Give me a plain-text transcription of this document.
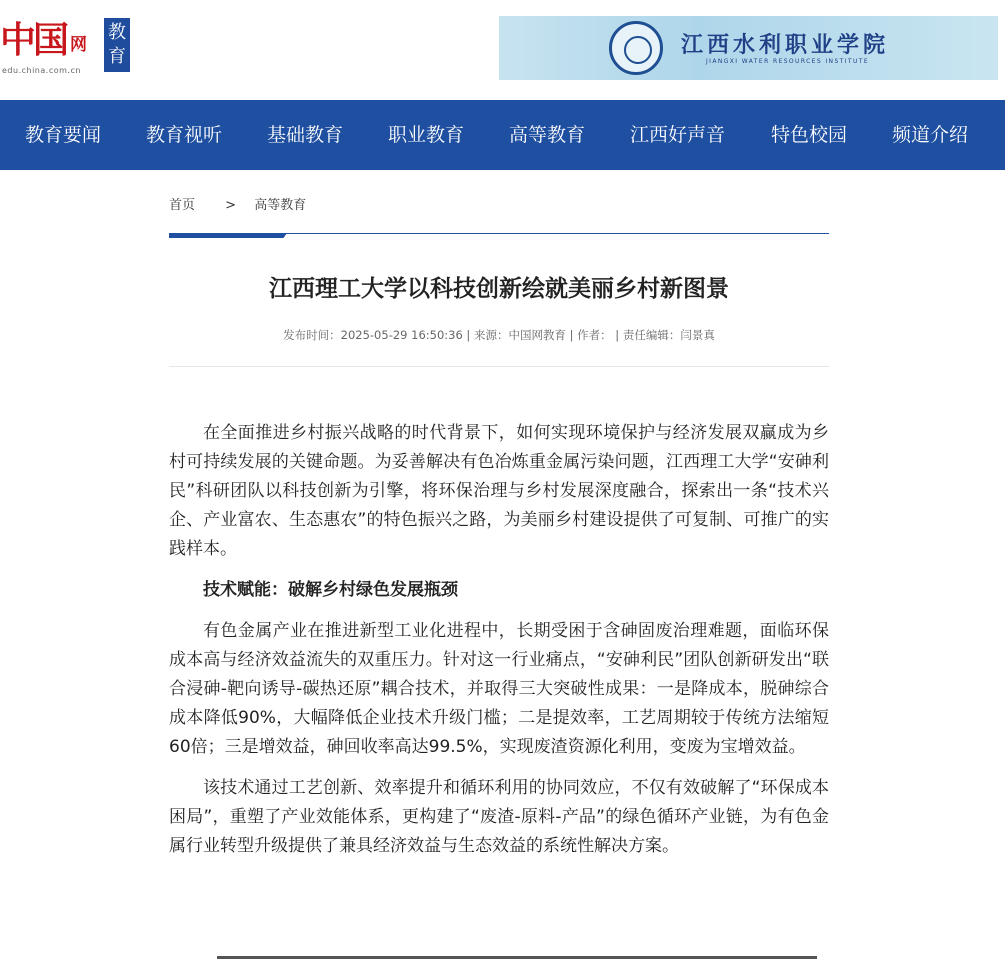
中国 网
edu.china.com.cn
教
育	江西水利职业学院
JIANGXI WATER RESOURCES INSTITUTE
教育要闻 教育视听 基础教育 职业教育 高等教育 江西好声音 特色校园 频道介绍
首页 > 高等教育
江西理工大学以科技创新绘就美丽乡村新图景
发布时间：2025-05-29 16:50:36 | 来源：中国网教育 | 作者： | 责任编辑：闫景真

在全面推进乡村振兴战略的时代背景下，如何实现环境保护与经济发展双赢成为乡村可持续发展的关键命题。为妥善解决有色冶炼重金属污染问题，江西理工大学“安砷利民”科研团队以科技创新为引擎，将环保治理与乡村发展深度融合，探索出一条“技术兴企、产业富农、生态惠农”的特色振兴之路，为美丽乡村建设提供了可复制、可推广的实践样本。

技术赋能：破解乡村绿色发展瓶颈

有色金属产业在推进新型工业化进程中，长期受困于含砷固废治理难题，面临环保成本高与经济效益流失的双重压力。针对这一行业痛点，“安砷利民”团队创新研发出“联合浸砷-靶向诱导-碳热还原”耦合技术，并取得三大突破性成果：一是降成本，脱砷综合成本降低90%，大幅降低企业技术升级门槛；二是提效率，工艺周期较于传统方法缩短60倍；三是增效益，砷回收率高达99.5%，实现废渣资源化利用，变废为宝增效益。

该技术通过工艺创新、效率提升和循环利用的协同效应，不仅有效破解了“环保成本困局”，重塑了产业效能体系，更构建了“废渣-原料-产品”的绿色循环产业链，为有色金属行业转型升级提供了兼具经济效益与生态效益的系统性解决方案。
